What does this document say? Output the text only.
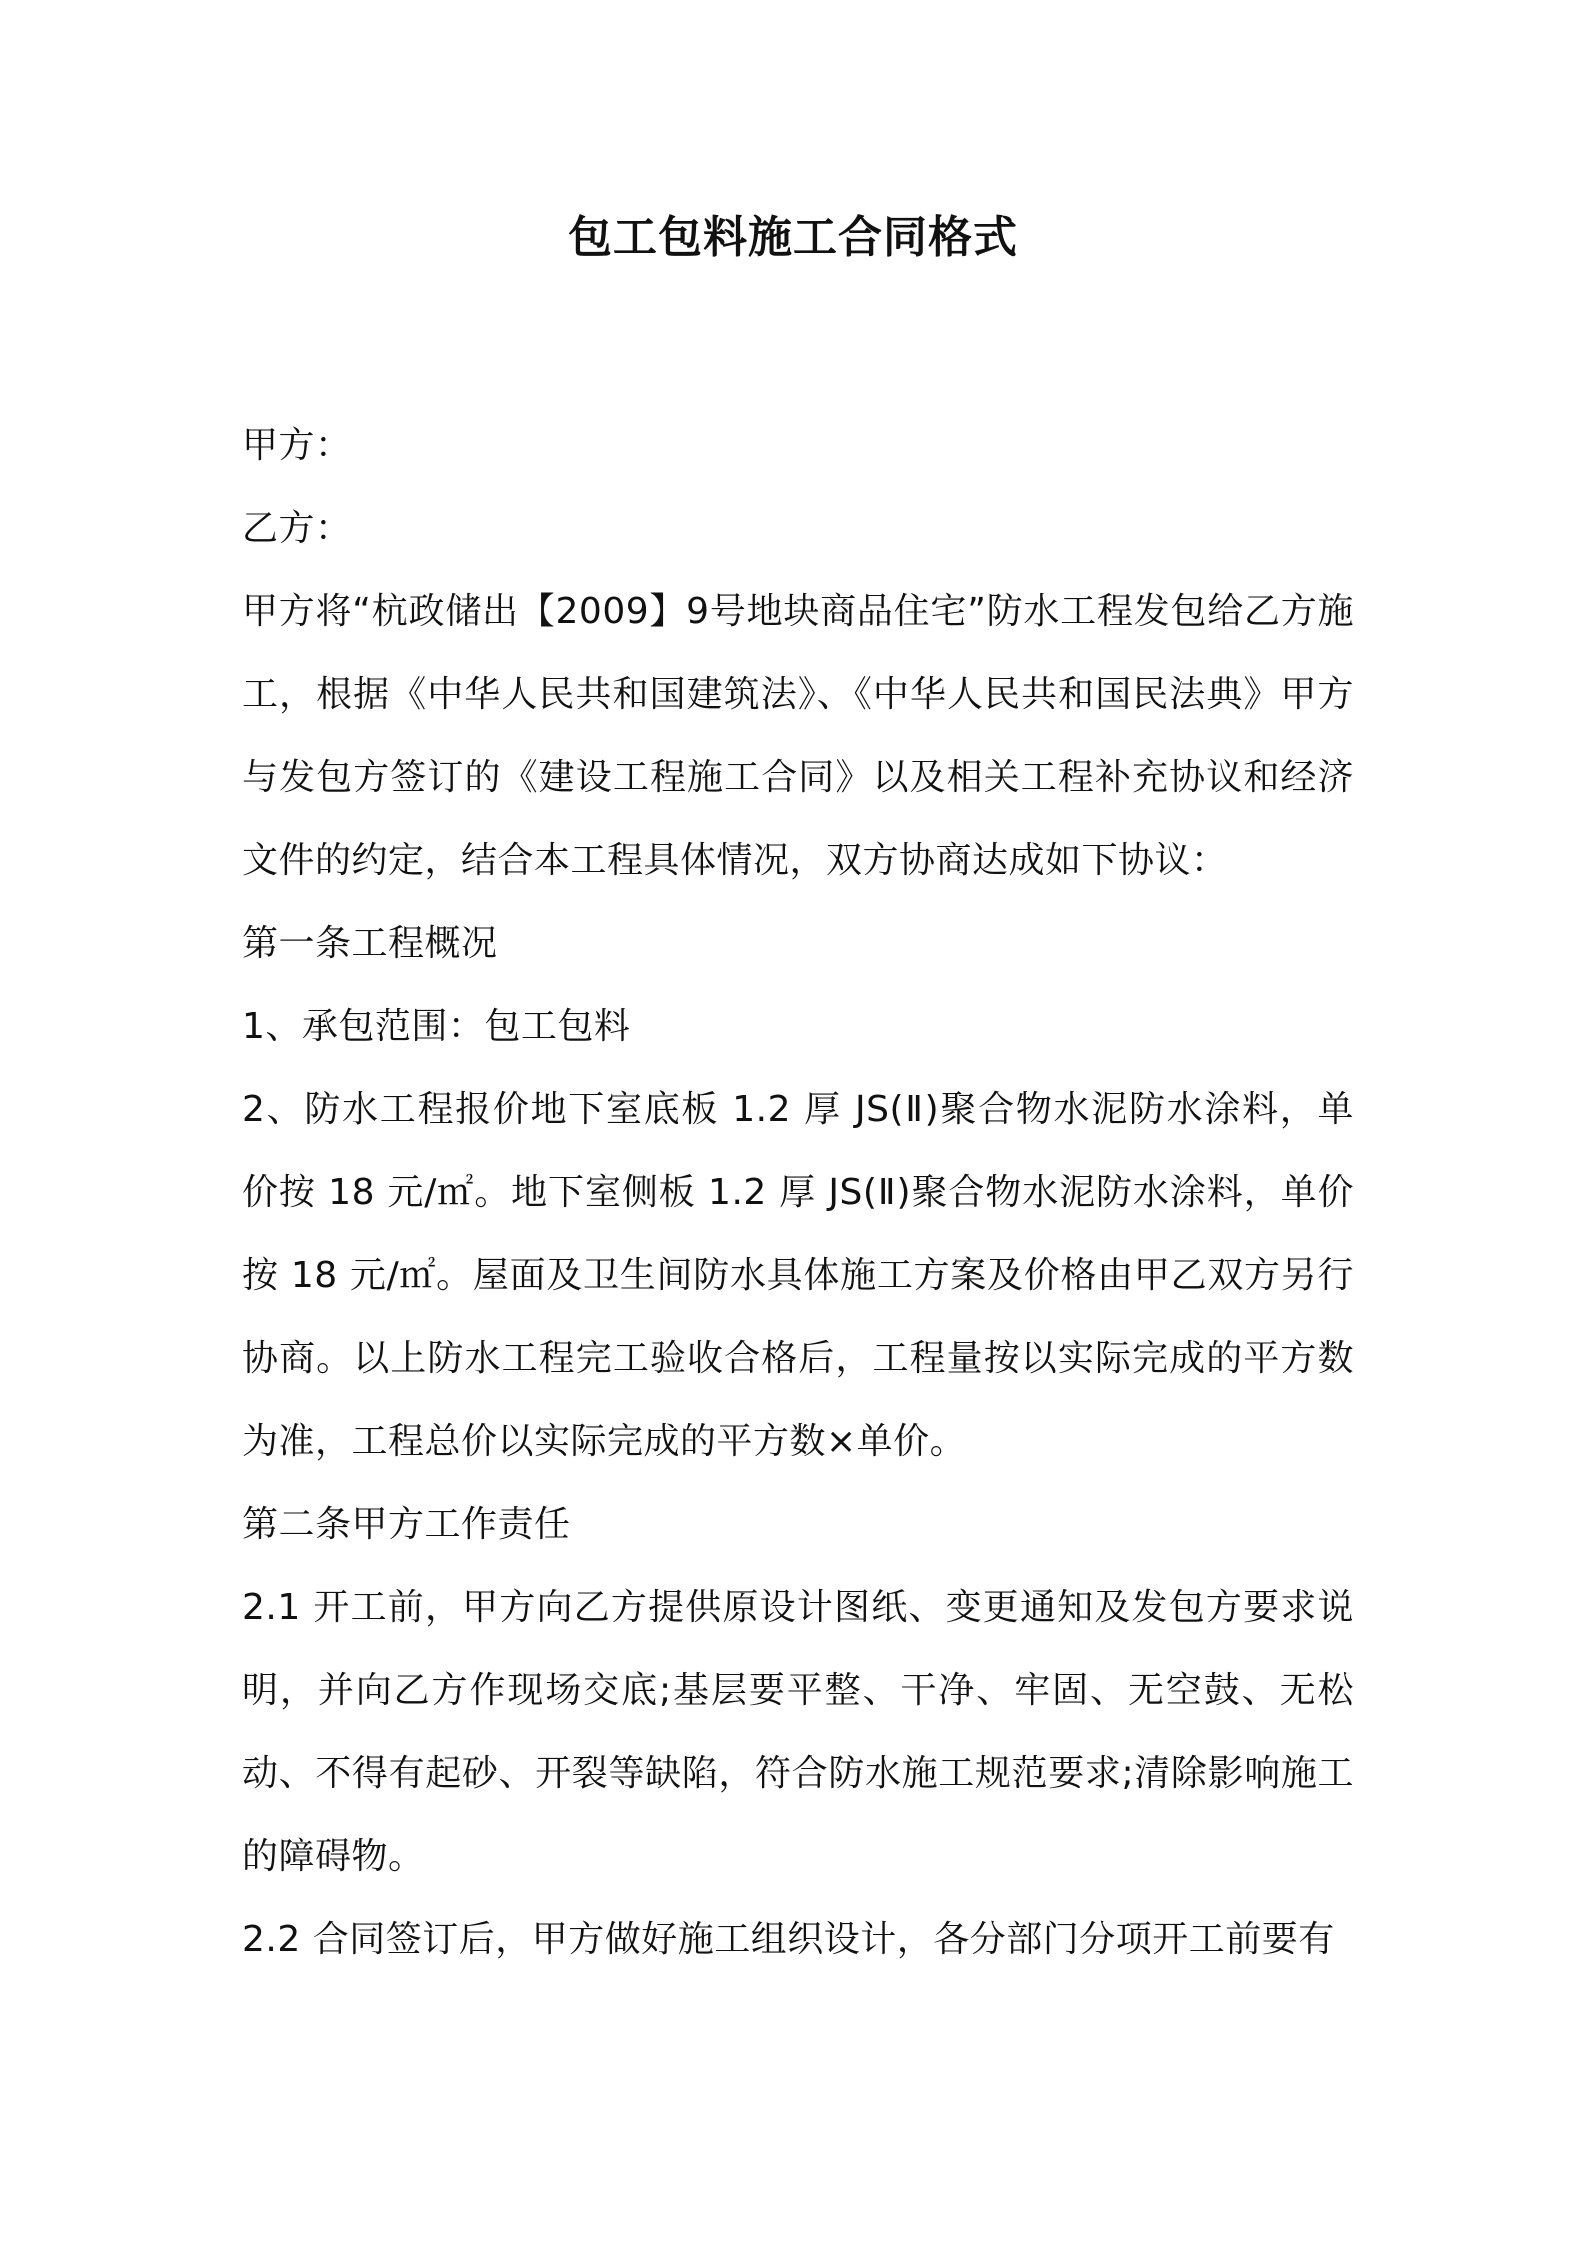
包工包料施工合同格式

甲方：

乙方：

甲方将“杭政储出【2009】9号地块商品住宅”防水工程发包给乙方施工，根据《中华人民共和国建筑法》、《中华人民共和国民法典》甲方与发包方签订的《建设工程施工合同》以及相关工程补充协议和经济文件的约定，结合本工程具体情况，双方协商达成如下协议：

第一条工程概况

1、承包范围：包工包料

2、防水工程报价地下室底板 1.2 厚 JS(Ⅱ)聚合物水泥防水涂料，单价按 18 元/㎡。地下室侧板 1.2 厚 JS(Ⅱ)聚合物水泥防水涂料，单价按 18 元/㎡。屋面及卫生间防水具体施工方案及价格由甲乙双方另行协商。以上防水工程完工验收合格后，工程量按以实际完成的平方数为准，工程总价以实际完成的平方数×单价。

第二条甲方工作责任

2.1 开工前，甲方向乙方提供原设计图纸、变更通知及发包方要求说明，并向乙方作现场交底;基层要平整、干净、牢固、无空鼓、无松动、不得有起砂、开裂等缺陷，符合防水施工规范要求;清除影响施工的障碍物。

2.2 合同签订后，甲方做好施工组织设计，各分部门分项开工前要有
